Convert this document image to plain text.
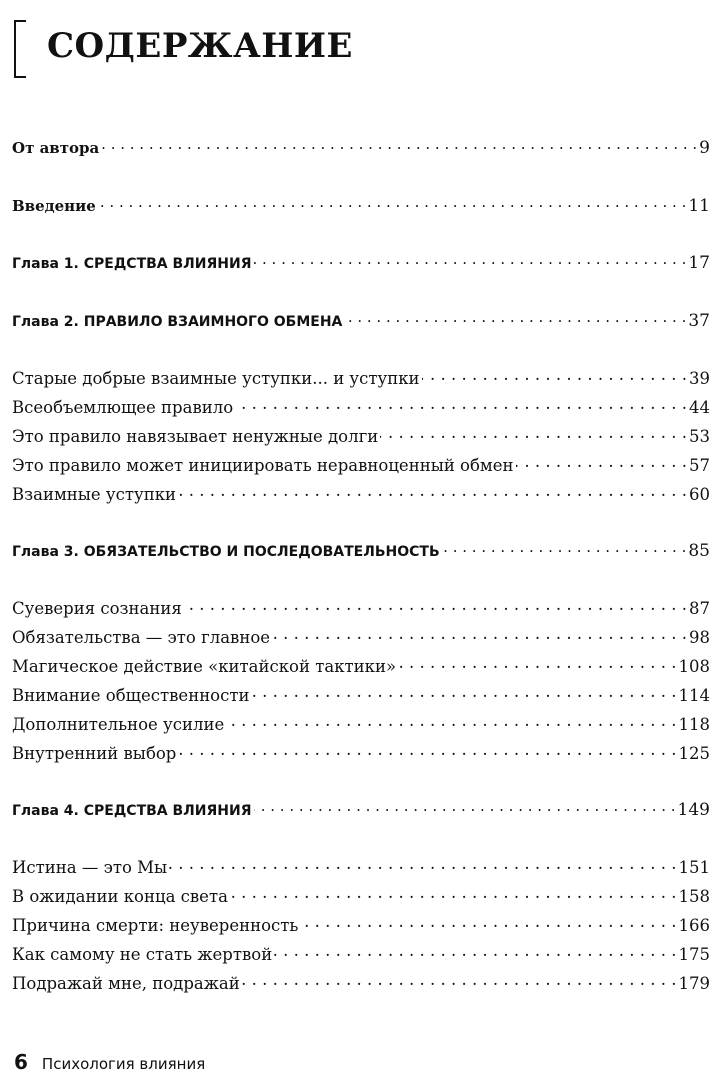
СОДЕРЖАНИЕ
От автора . . .	9
Введение . . .	11
Глава 1. СРЕДСТВА ВЛИЯНИЯ . . .	17
Глава 2. ПРАВИЛО ВЗАИМНОГО ОБМЕНА . . .	37
Старые добрые взаимные уступки... и уступки . . .	39
Всеобъемлющее правило . . .	44
Это правило навязывает ненужные долги . . .	53
Это правило может инициировать неравноценный обмен . . .	57
Взаимные уступки . . .	60
Глава 3. ОБЯЗАТЕЛЬСТВО И ПОСЛЕДОВАТЕЛЬНОСТЬ . . .	85
Суеверия сознания . . .	87
Обязательства — это главное . . .	98
Магическое действие «китайской тактики» . . .	108
Внимание общественности . . .	114
Дополнительное усилие . . .	118
Внутренний выбор . . .	125
Глава 4. СРЕДСТВА ВЛИЯНИЯ . . .	149
Истина — это Мы . . .	151
В ожидании конца света . . .	158
Причина смерти: неуверенность . . .	166
Как самому не стать жертвой . . .	175
Подражай мне, подражай . . .	179
6 Психология влияния
